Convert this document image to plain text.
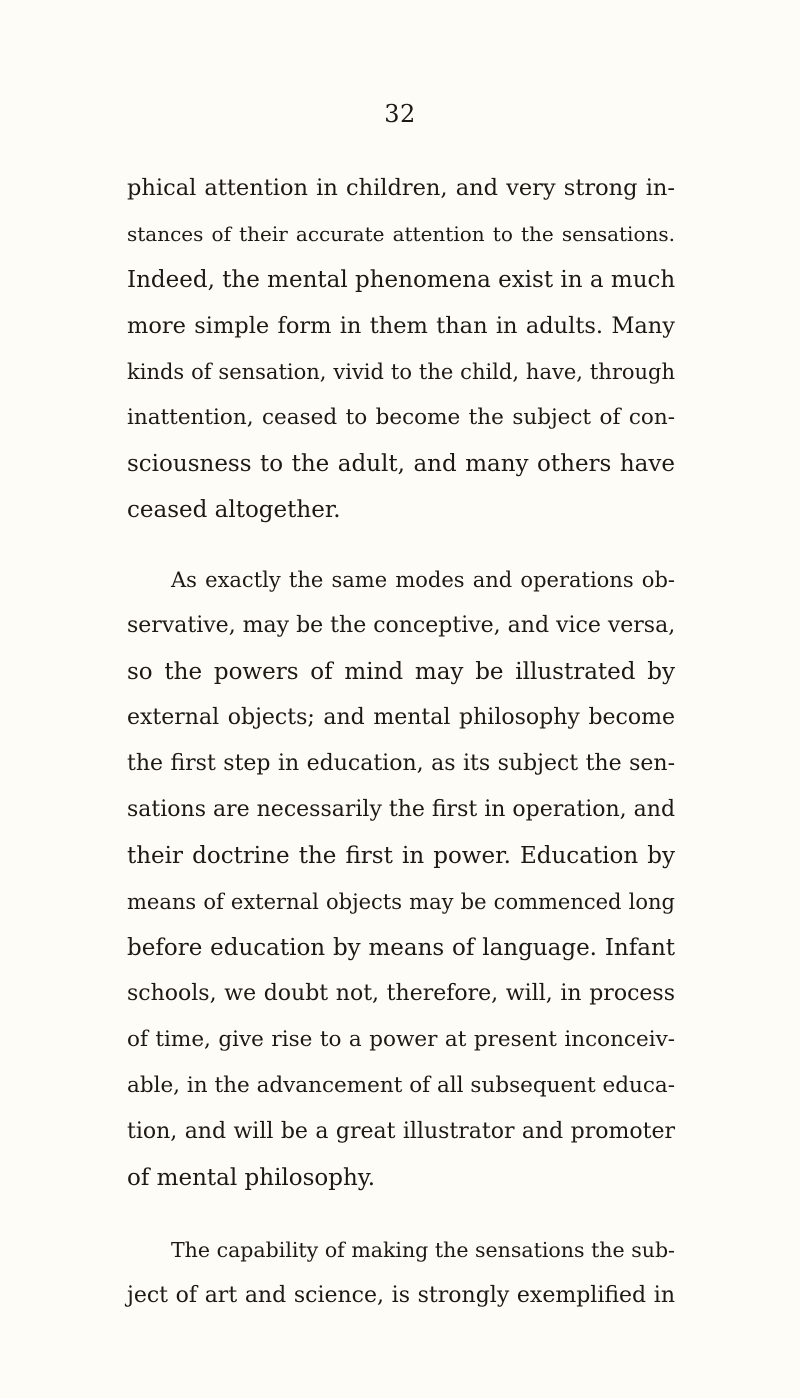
32
phical attention in children, and very strong in-
stances of their accurate attention to the sensations.
Indeed, the mental phenomena exist in a much
more simple form in them than in adults. Many
kinds of sensation, vivid to the child, have, through
inattention, ceased to become the subject of con-
sciousness to the adult, and many others have
ceased altogether.
As exactly the same modes and operations ob-
servative, may be the conceptive, and vice versa,
so the powers of mind may be illustrated by
external objects; and mental philosophy become
the first step in education, as its subject the sen-
sations are necessarily the first in operation, and
their doctrine the first in power. Education by
means of external objects may be commenced long
before education by means of language. Infant
schools, we doubt not, therefore, will, in process
of time, give rise to a power at present inconceiv-
able, in the advancement of all subsequent educa-
tion, and will be a great illustrator and promoter
of mental philosophy.
The capability of making the sensations the sub-
ject of art and science, is strongly exemplified in
